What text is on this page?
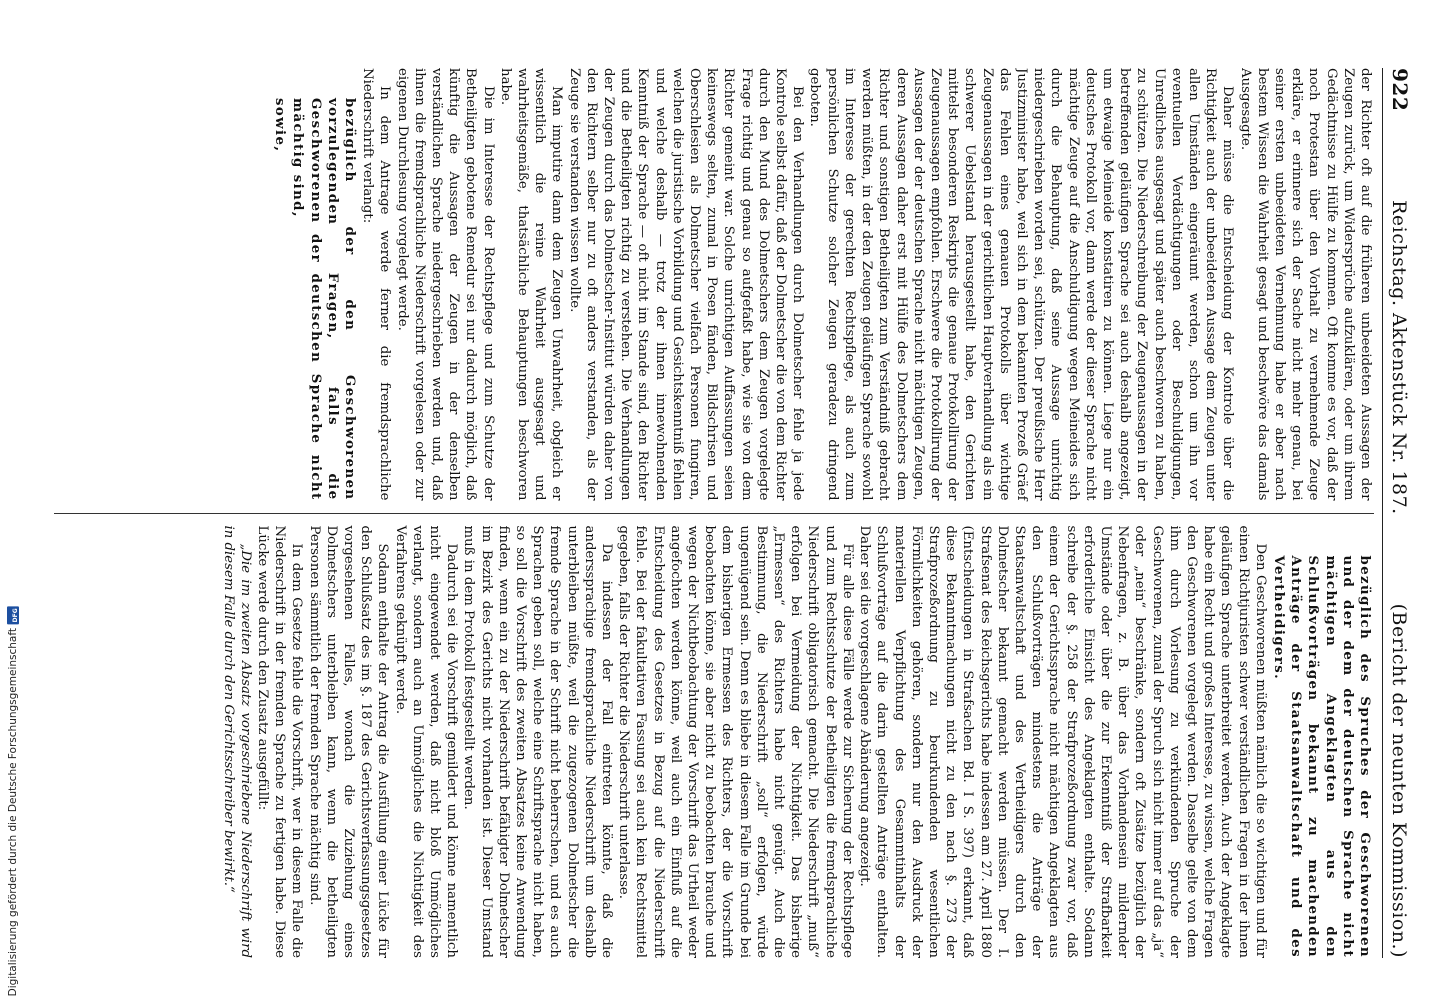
922
Reichstag. Aktenstück Nr. 187.
(Bericht der neunten Kommission.)

der Richter oft auf die früheren unbeeideten Aussagen der Zeugen zurück, um Widersprüche aufzuklären, oder um ihrem Gedächtnisse zu Hülfe zu kommen. Oft komme es vor, daß der noch Protestan über den Vorhalt zu vernehmende Zeuge erkläre, er erinnere sich der Sache nicht mehr genau, bei seiner ersten unbeeideten Vernehmung habe er aber nach bestem Wissen die Wahrheit gesagt und beschwöre das damals Ausgesagte.

Daher müsse die Entscheidung der Kontrole über die Richtigkeit auch der unbeeideten Aussage dem Zeugen unter allen Umständen eingeräumt werden, schon um ihn vor eventuellen Verdächtigungen oder Beschuldigungen, Unredliches ausgesagt und später auch beschworen zu haben, zu schützen. Die Niederschreibung der Zeugenaussagen in der betreffenden geläufigen Sprache sei auch deshalb angezeigt, um etwaige Meineide konstatiren zu können. Liege nur ein deutsches Protokoll vor, dann werde der dieser Sprache nicht mächtige Zeuge auf die Anschuldigung wegen Meineides sich durch die Behauptung, daß seine Aussage unrichtig niedergeschrieben worden sei, schützen. Der preußische Herr Justizminister habe, weil sich in dem bekannten Prozeß Gräef das Fehlen eines genauen Protokolls über wichtige Zeugenaussagen in der gerichtlichen Hauptverhandlung als ein schwerer Uebelstand herausgestellt habe, den Gerichten mittelst besonderen Reskripts die genaue Protokollirung der Zeugenaussagen empfohlen. Erschwere die Protokollirung der Aussagen der der deutschen Sprache nicht mächtigen Zeugen, deren Aussagen daher erst mit Hülfe des Dolmetschers dem Richter und sonstigen Betheiligten zum Verständniß gebracht werden müßten, in der den Zeugen geläufigen Sprache sowohl im Interesse der gerechten Rechtspflege, als auch zum persönlichen Schutze solcher Zeugen geradezu dringend geboten.

Bei den Verhandlungen durch Dolmetscher fehle ja jede Kontrole selbst dafür, daß der Dolmetscher die von dem Richter durch den Mund des Dolmetschers dem Zeugen vorgelegte Frage richtig und genau so aufgefaßt habe, wie sie von dem Richter gemeint war. Solche unrichtigen Auffassungen seien keineswegs selten, zumal in Posen fänden, Bildschrisen und Oberschlesien als Dolmetscher vielfach Personen fungiren, welchen die juristische Vorbildung und Gesichtskenntniß fehlen und welche deshalb — trotz der ihnen innewohnenden Kenntniß der Sprache — oft nicht im Stande sind, den Richter und die Betheiligten richtig zu verstehen. Die Verhandlungen der Zeugen durch das Dolmetscher-Institut würden daher von den Richtern selber nur zu oft anders verstanden, als der Zeuge sie verstanden wissen wollte.

Man imputire dann dem Zeugen Unwahrheit, obgleich er wissentlich die reine Wahrheit ausgesagt und wahrheitsgemäße, thatsächliche Behauptungen beschworen habe.

Die im Interesse der Rechtspflege und zum Schutze der Betheiligten gebotene Remedur sei nur dadurch möglich, daß künftig die Aussagen der Zeugen in der denselben verständlichen Sprache niedergeschrieben werden und, daß ihnen die fremdsprachliche Niederschrift vorgelesen oder zur eigenen Durchlesung vorgelegt werde.

In dem Antrage werde ferner die fremdsprachliche Niederschrift verlangt:

bezüglich der den Geschworenen vorzulegenden Fragen, falls die Geschworenen der deutschen Sprache nicht mächtig sind,

sowie,

bezüglich des Spruches der Geschworenen und der dem der deutschen Sprache nicht mächtigen Angeklagten aus den Schlußvorträgen bekannt zu machenden Anträge der Staatsanwaltschaft und des Vertheidigers.

Den Geschworenen müßten nämlich die so wichtigen und für einen Richtjuristen schwer verständlichen Fragen in der ihnen geläufigen Sprache unterbreitet werden. Auch der Angeklagte habe ein Recht und großes Interesse, zu wissen, welche Fragen den Geschworenen vorgelegt werden. Dasselbe gelte von dem ihm durch Vorlesung zu verkündenden Spruche der Geschworenen, zumal der Spruch sich nicht immer auf das „ja“ oder „nein“ beschränke, sondern oft Zusätze bezüglich der Nebenfragen, z. B. über das Vorhandensein mildernder Umstände oder über die zur Erkenntniß der Strafbarkeit erforderliche Einsicht des Angeklagten enthalte. Sodann schreibe der §. 258 der Strafprozeßordnung zwar vor, daß einem der Gerichtssprache nicht mächtigen Angeklagten aus den Schlußvorträgen mindestens die Anträge der Staatsanwaltschaft und des Vertheidigers durch den Dolmetscher bekannt gemacht werden müssen. Der I. Strafsenat des Reichsgerichts habe indessen am 27. April 1880 (Entscheidungen in Strafsachen Bd. I S. 397) erkannt, daß diese Bekanntmachungen nicht zu den nach §. 273 der Strafprozeßordnung zu beurkundenden wesentlichen Förmlichkeiten gehören, sondern nur den Ausdruck der materiellen Verpflichtung des Gesammtinhalts der Schlußvorträge auf die darin gestellten Anträge enthalten. Daher sei die vorgeschlagene Abänderung angezeigt.

Für alle diese Fälle werde zur Sicherung der Rechtspflege und zum Rechtsschutze der Betheiligten die fremdsprachliche Niederschrift obligatorisch gemacht. Die Niederschrift „muß“ erfolgen bei Vermeidung der Nichtigkeit. Das bisherige „Ermessen“ des Richters habe nicht genügt. Auch die Bestimmung, die Niederschrift „soll“ erfolgen, würde ungenügend sein. Denn es bliebe in diesem Falle im Grunde bei dem bisherigen Ermessen des Richters, der die Vorschrift beobachten könne, sie aber nicht zu beobachten brauche und wegen der Nichtbeobachtung der Vorschrift das Urtheil weder angefochten werden könne, weil auch ein Einfluß auf die Entscheidung des Gesetzes in Bezug auf die Niederschrift fehle. Bei der fakultativen Fassung sei auch kein Rechtsmittel gegeben, falls der Richter die Niederschrift unterlasse.

Da indessen der Fall eintreten könnte, daß die anderssprachige fremdsprachliche Niederschrift um deshalb unterbleiben müßte, weil die zugezogenen Dolmetscher die fremde Sprache in der Schrift nicht beherrschen, und es auch Sprachen geben soll, welche eine Schriftsprache nicht haben, so soll die Vorschrift des zweiten Absatzes keine Anwendung finden, wenn ein zu der Niederschrift befähigter Dolmetscher im Bezirk des Gerichts nicht vorhanden ist. Dieser Umstand muß in dem Protokoll festgestellt werden.

Dadurch sei die Vorschrift gemildert und könne namentlich nicht eingewendet werden, daß nicht bloß Unmögliches verlangt, sondern auch an Unmögliches die Nichtigkeit des Verfahrens geknüpft werde.

Sodann enthalte der Antrag die Ausfüllung einer Lücke für den Schlußsatz des im §. 187 des Gerichtsverfassungsgesetzes vorgesehenen Falles, wonach die Zuziehung eines Dolmetschers unterbleiben kann, wenn die betheiligten Personen sämmtlich der fremden Sprache mächtig sind.

In dem Gesetze fehle die Vorschrift, wer in diesem Falle die Niederschrift in der fremden Sprache zu fertigen habe. Diese Lücke werde durch den Zusatz ausgefüllt:

„Die im zweiten Absatz vorgeschriebene Niederschrift wird in diesem Falle durch den Gerichtsschreiber bewirkt.“

Digitalisierung gefördert durch die Deutsche Forschungsgemeinschaft
DFG
